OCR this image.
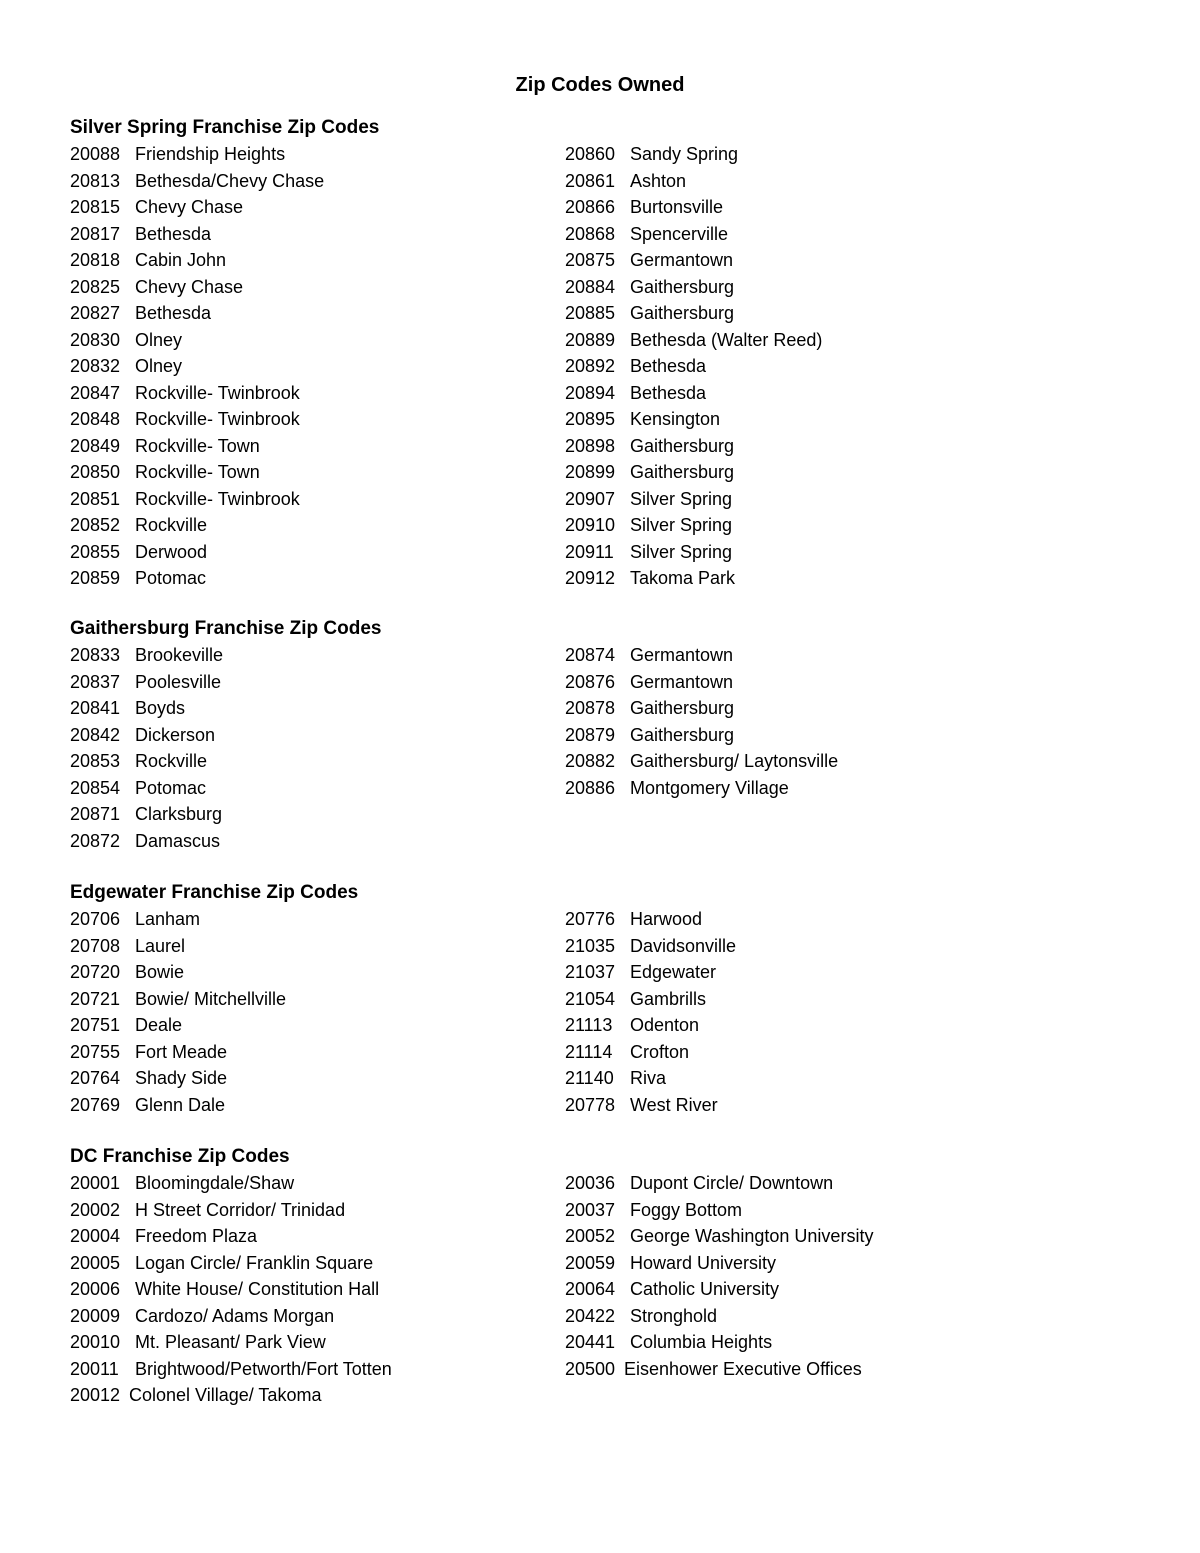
Zip Codes Owned
Silver Spring Franchise Zip Codes
20088 Friendship Heights
20813 Bethesda/Chevy Chase
20815 Chevy Chase
20817 Bethesda
20818 Cabin John
20825 Chevy Chase
20827 Bethesda
20830 Olney
20832 Olney
20847 Rockville- Twinbrook
20848 Rockville- Twinbrook
20849 Rockville- Town
20850 Rockville- Town
20851 Rockville- Twinbrook
20852 Rockville
20855 Derwood
20859 Potomac
20860 Sandy Spring
20861 Ashton
20866 Burtonsville
20868 Spencerville
20875 Germantown
20884 Gaithersburg
20885 Gaithersburg
20889 Bethesda (Walter Reed)
20892 Bethesda
20894 Bethesda
20895 Kensington
20898 Gaithersburg
20899 Gaithersburg
20907 Silver Spring
20910 Silver Spring
20911 Silver Spring
20912 Takoma Park
Gaithersburg Franchise Zip Codes
20833 Brookeville
20837 Poolesville
20841 Boyds
20842 Dickerson
20853 Rockville
20854 Potomac
20871 Clarksburg
20872 Damascus
20874 Germantown
20876 Germantown
20878 Gaithersburg
20879 Gaithersburg
20882 Gaithersburg/ Laytonsville
20886 Montgomery Village
Edgewater Franchise Zip Codes
20706 Lanham
20708 Laurel
20720 Bowie
20721 Bowie/ Mitchellville
20751 Deale
20755 Fort Meade
20764 Shady Side
20769 Glenn Dale
20776 Harwood
21035 Davidsonville
21037 Edgewater
21054 Gambrills
21113 Odenton
21114 Crofton
21140 Riva
20778 West River
DC Franchise Zip Codes
20001 Bloomingdale/Shaw
20002 H Street Corridor/ Trinidad
20004 Freedom Plaza
20005 Logan Circle/ Franklin Square
20006 White House/ Constitution Hall
20009 Cardozo/ Adams Morgan
20010 Mt. Pleasant/ Park View
20011 Brightwood/Petworth/Fort Totten
20012 Colonel Village/ Takoma
20036 Dupont Circle/ Downtown
20037 Foggy Bottom
20052 George Washington University
20059 Howard University
20064 Catholic University
20422 Stronghold
20441 Columbia Heights
20500 Eisenhower Executive Offices
